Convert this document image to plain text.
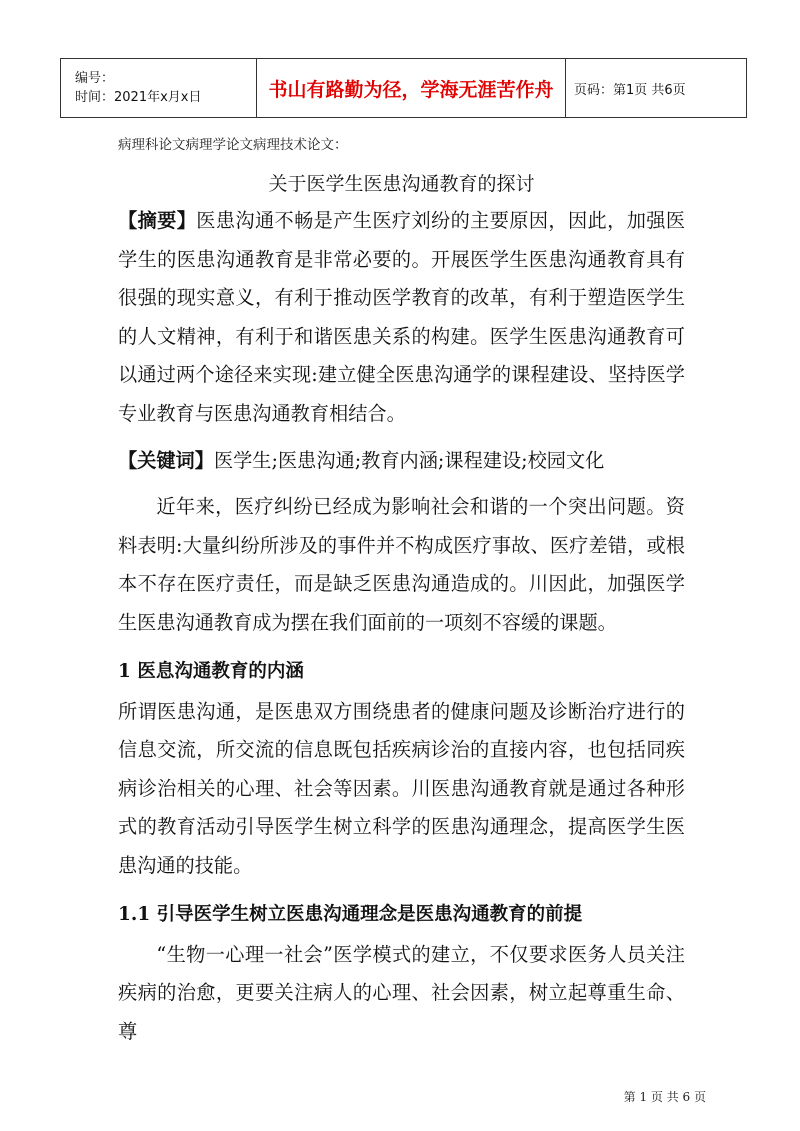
编号：
时间：2021年x月x日	书山有路勤为径，学海无涯苦作舟	页码：第1页 共6页
病理科论文病理学论文病理技术论文：
关于医学生医患沟通教育的探讨

【摘要】医患沟通不畅是产生医疗刘纷的主要原因，因此，加强医学生的医患沟通教育是非常必要的。开展医学生医患沟通教育具有很强的现实意义，有利于推动医学教育的改革，有利于塑造医学生的人文精神，有利于和谐医患关系的构建。医学生医患沟通教育可以通过两个途径来实现:建立健全医患沟通学的课程建设、坚持医学专业教育与医患沟通教育相结合。

【关键词】医学生;医患沟通;教育内涵;课程建设;校园文化

近年来，医疗纠纷已经成为影响社会和谐的一个突出问题。资料表明:大量纠纷所涉及的事件并不构成医疗事故、医疗差错，或根本不存在医疗责任，而是缺乏医患沟通造成的。川因此，加强医学生医患沟通教育成为摆在我们面前的一项刻不容缓的课题。

1 医息沟通教育的内涵

所谓医患沟通，是医患双方围绕患者的健康问题及诊断治疗进行的信息交流，所交流的信息既包括疾病诊治的直接内容，也包括同疾病诊治相关的心理、社会等因素。川医患沟通教育就是通过各种形式的教育活动引导医学生树立科学的医患沟通理念，提高医学生医患沟通的技能。

1.1 引导医学生树立医患沟通理念是医患沟通教育的前提

“生物一心理一社会”医学模式的建立，不仅要求医务人员关注疾病的治愈，更要关注病人的心理、社会因素，树立起尊重生命、尊

第 1 页 共 6 页
